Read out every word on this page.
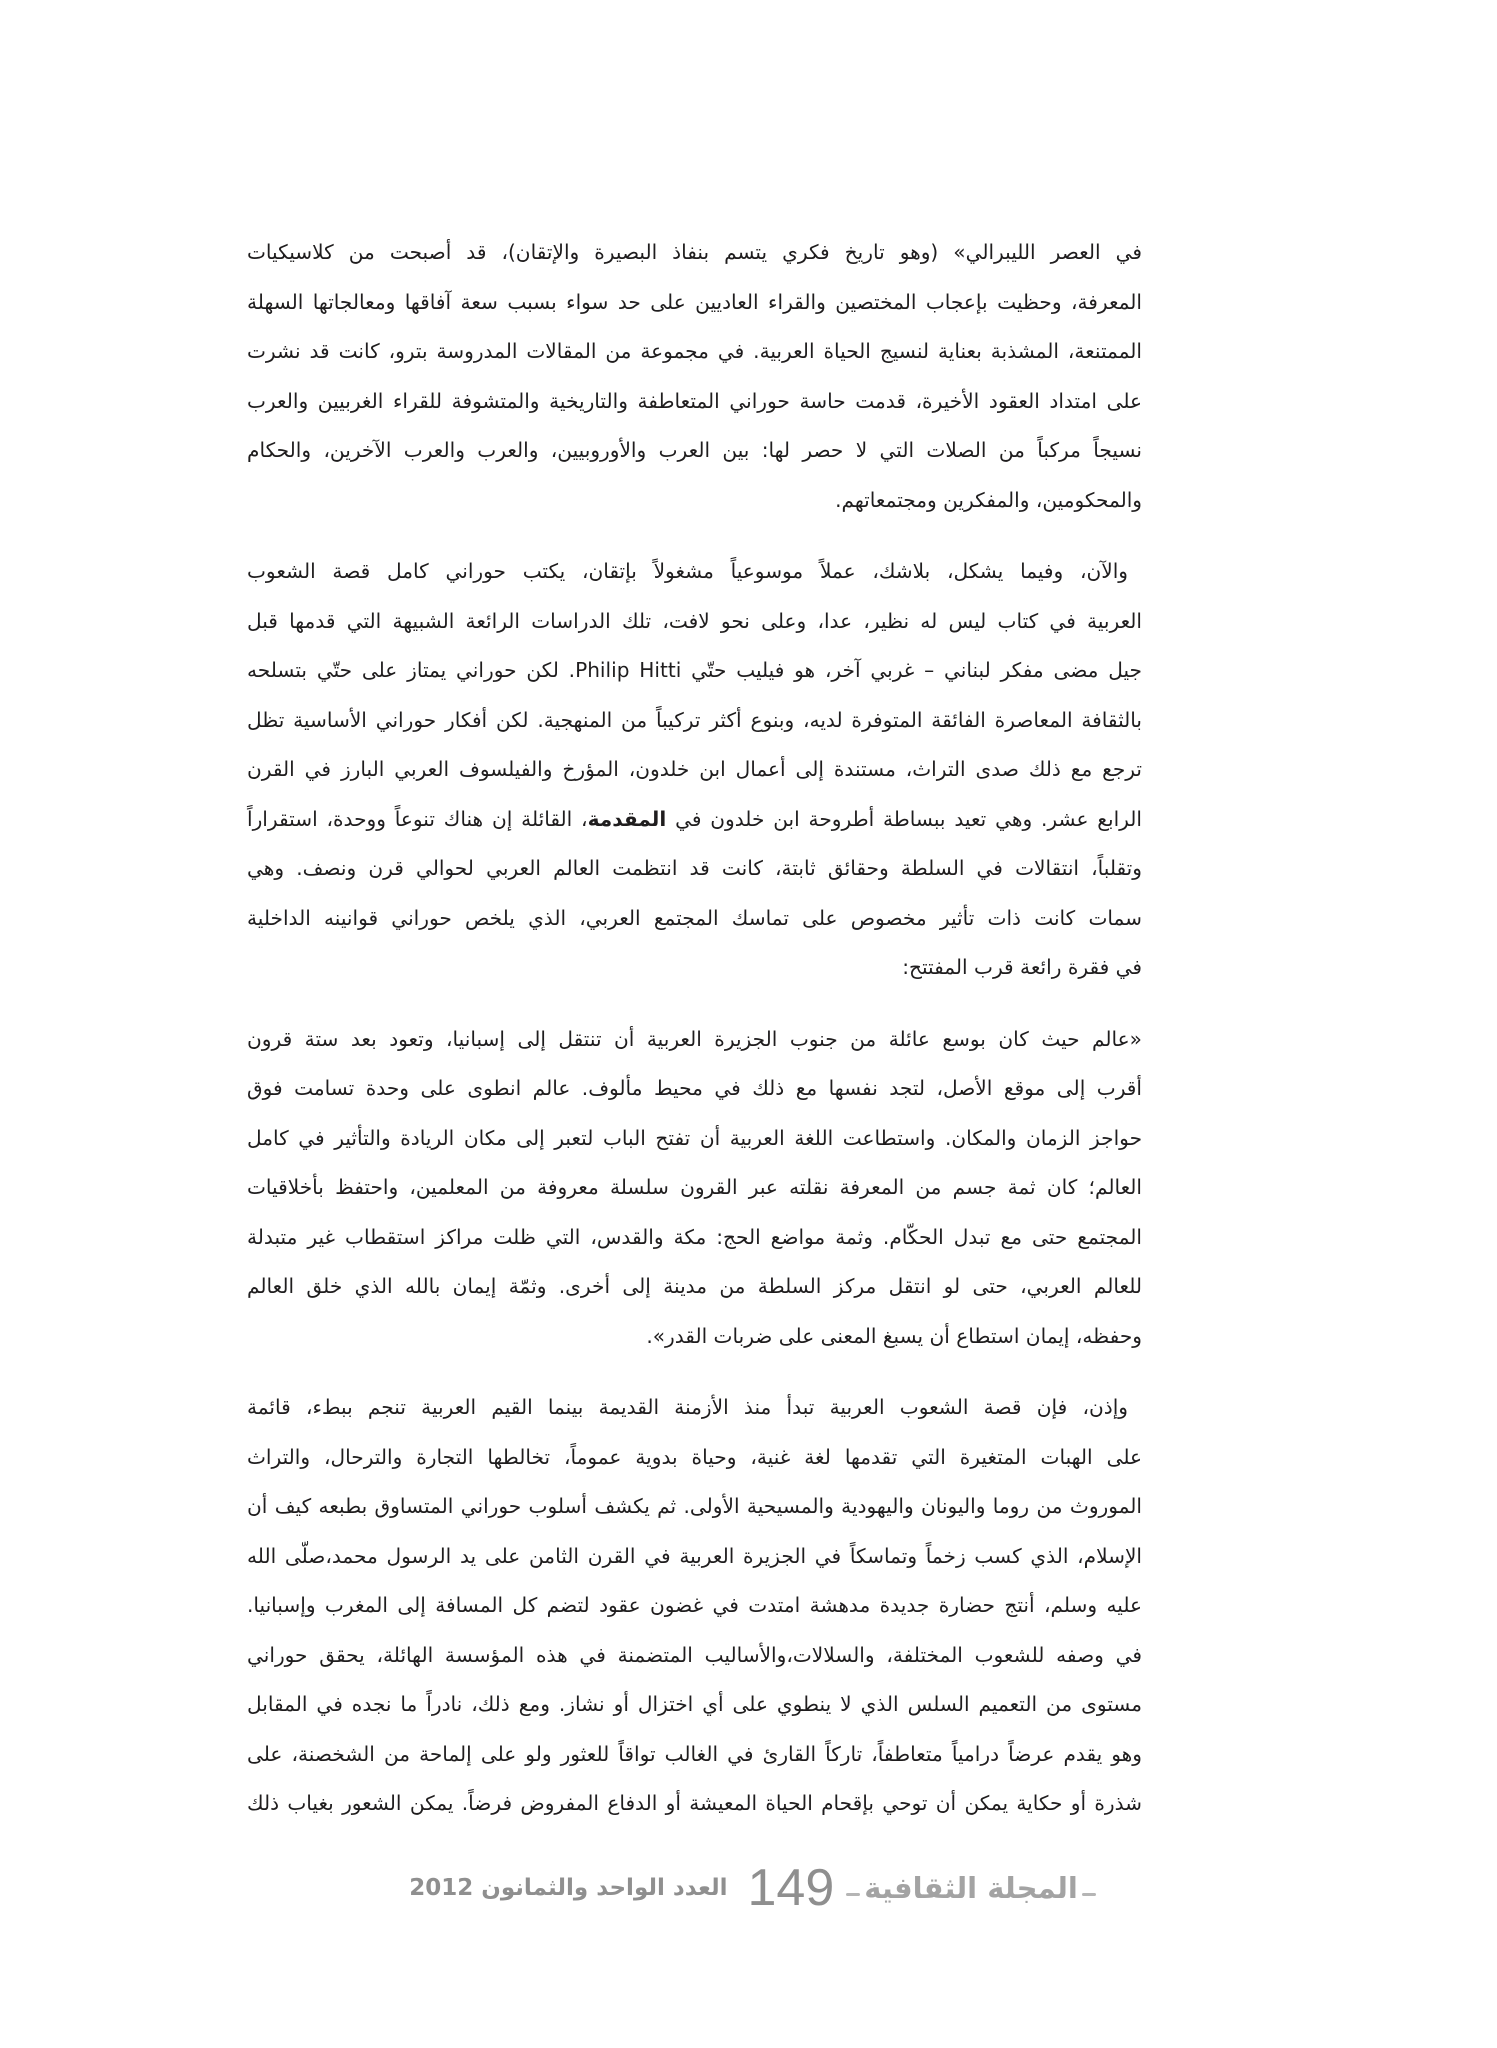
في العصر الليبرالي» (وهو تاريخ فكري يتسم بنفاذ البصيرة والإتقان)، قد أصبحت من كلاسيكيات
المعرفة، وحظيت بإعجاب المختصين والقراء العاديين على حد سواء بسبب سعة آفاقها ومعالجاتها السهلة
الممتنعة، المشذبة بعناية لنسيج الحياة العربية. في مجموعة من المقالات المدروسة بترو، كانت قد نشرت
على امتداد العقود الأخيرة، قدمت حاسة حوراني المتعاطفة والتاريخية والمتشوفة للقراء الغربيين والعرب
نسيجاً مركباً من الصلات التي لا حصر لها: بين العرب والأوروبيين، والعرب والعرب الآخرين، والحكام
والمحكومين، والمفكرين ومجتمعاتهم.
والآن، وفيما يشكل، بلاشك، عملاً موسوعياً مشغولاً بإتقان، يكتب حوراني كامل قصة الشعوب
العربية في كتاب ليس له نظير، عدا، وعلى نحو لافت، تلك الدراسات الرائعة الشبيهة التي قدمها قبل
جيل مضى مفكر لبناني – غربي آخر، هو فيليب حتّي Philip Hitti. لكن حوراني يمتاز على حتّي بتسلحه
بالثقافة المعاصرة الفائقة المتوفرة لديه، وبنوع أكثر تركيباً من المنهجية. لكن أفكار حوراني الأساسية تظل
ترجع مع ذلك صدى التراث، مستندة إلى أعمال ابن خلدون، المؤرخ والفيلسوف العربي البارز في القرن
الرابع عشر. وهي تعيد ببساطة أطروحة ابن خلدون في المقدمة، القائلة إن هناك تنوعاً ووحدة، استقراراً
وتقلباً، انتقالات في السلطة وحقائق ثابتة، كانت قد انتظمت العالم العربي لحوالي قرن ونصف. وهي
سمات كانت ذات تأثير مخصوص على تماسك المجتمع العربي، الذي يلخص حوراني قوانينه الداخلية
في فقرة رائعة قرب المفتتح:
«عالم حيث كان بوسع عائلة من جنوب الجزيرة العربية أن تنتقل إلى إسبانيا، وتعود بعد ستة قرون
أقرب إلى موقع الأصل، لتجد نفسها مع ذلك في محيط مألوف. عالم انطوى على وحدة تسامت فوق
حواجز الزمان والمكان. واستطاعت اللغة العربية أن تفتح الباب لتعبر إلى مكان الريادة والتأثير في كامل
العالم؛ كان ثمة جسم من المعرفة نقلته عبر القرون سلسلة معروفة من المعلمين، واحتفظ بأخلاقيات
المجتمع حتى مع تبدل الحكّام. وثمة مواضع الحج: مكة والقدس، التي ظلت مراكز استقطاب غير متبدلة
للعالم العربي، حتى لو انتقل مركز السلطة من مدينة إلى أخرى. وثمّة إيمان بالله الذي خلق العالم
وحفظه، إيمان استطاع أن يسبغ المعنى على ضربات القدر».
وإذن، فإن قصة الشعوب العربية تبدأ منذ الأزمنة القديمة بينما القيم العربية تنجم ببطء، قائمة
على الهبات المتغيرة التي تقدمها لغة غنية، وحياة بدوية عموماً، تخالطها التجارة والترحال، والتراث
الموروث من روما واليونان واليهودية والمسيحية الأولى. ثم يكشف أسلوب حوراني المتساوق بطبعه كيف أن
الإسلام، الذي كسب زخماً وتماسكاً في الجزيرة العربية في القرن الثامن على يد الرسول محمد،صلّى الله
عليه وسلم، أنتج حضارة جديدة مدهشة امتدت في غضون عقود لتضم كل المسافة إلى المغرب وإسبانيا.
في وصفه للشعوب المختلفة، والسلالات،والأساليب المتضمنة في هذه المؤسسة الهائلة، يحقق حوراني
مستوى من التعميم السلس الذي لا ينطوي على أي اختزال أو نشاز. ومع ذلك، نادراً ما نجده في المقابل
وهو يقدم عرضاً درامياً متعاطفاً، تاركاً القارئ في الغالب تواقاً للعثور ولو على إلماحة من الشخصنة، على
شذرة أو حكاية يمكن أن توحي بإقحام الحياة المعيشة أو الدفاع المفروض فرضاً. يمكن الشعور بغياب ذلك
المجلة الثقافية
149
العدد الواحد والثمانون 2012
